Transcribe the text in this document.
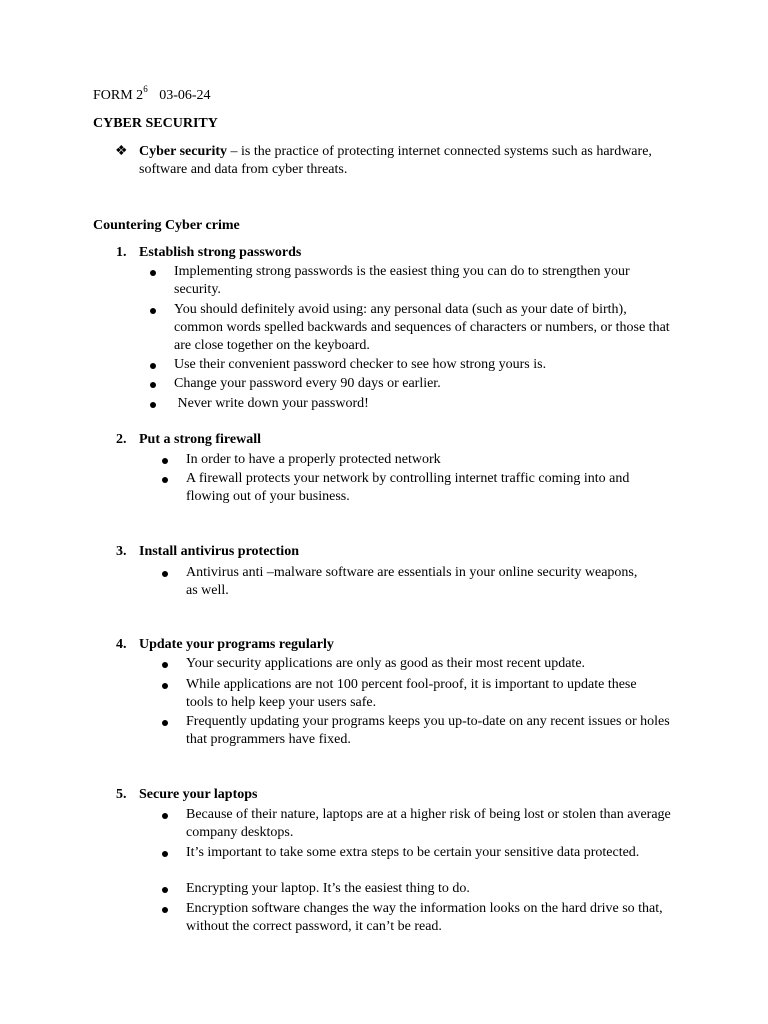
FORM $2^6$ 03-06-24
CYBER SECURITY
❖ Cyber security – is the practice of protecting internet connected systems such as hardware, software and data from cyber threats.
Countering Cyber crime
1. Establish strong passwords
Implementing strong passwords is the easiest thing you can do to strengthen your security.
You should definitely avoid using: any personal data (such as your date of birth), common words spelled backwards and sequences of characters or numbers, or those that are close together on the keyboard.
Use their convenient password checker to see how strong yours is.
Change your password every 90 days or earlier.
Never write down your password!
2. Put a strong firewall
In order to have a properly protected network
A firewall protects your network by controlling internet traffic coming into and flowing out of your business.
3. Install antivirus protection
Antivirus anti –malware software are essentials in your online security weapons, as well.
4. Update your programs regularly
Your security applications are only as good as their most recent update.
While applications are not 100 percent fool-proof, it is important to update these tools to help keep your users safe.
Frequently updating your programs keeps you up-to-date on any recent issues or holes that programmers have fixed.
5. Secure your laptops
Because of their nature, laptops are at a higher risk of being lost or stolen than average company desktops.
It’s important to take some extra steps to be certain your sensitive data protected.
Encrypting your laptop. It’s the easiest thing to do.
Encryption software changes the way the information looks on the hard drive so that, without the correct password, it can’t be read.
